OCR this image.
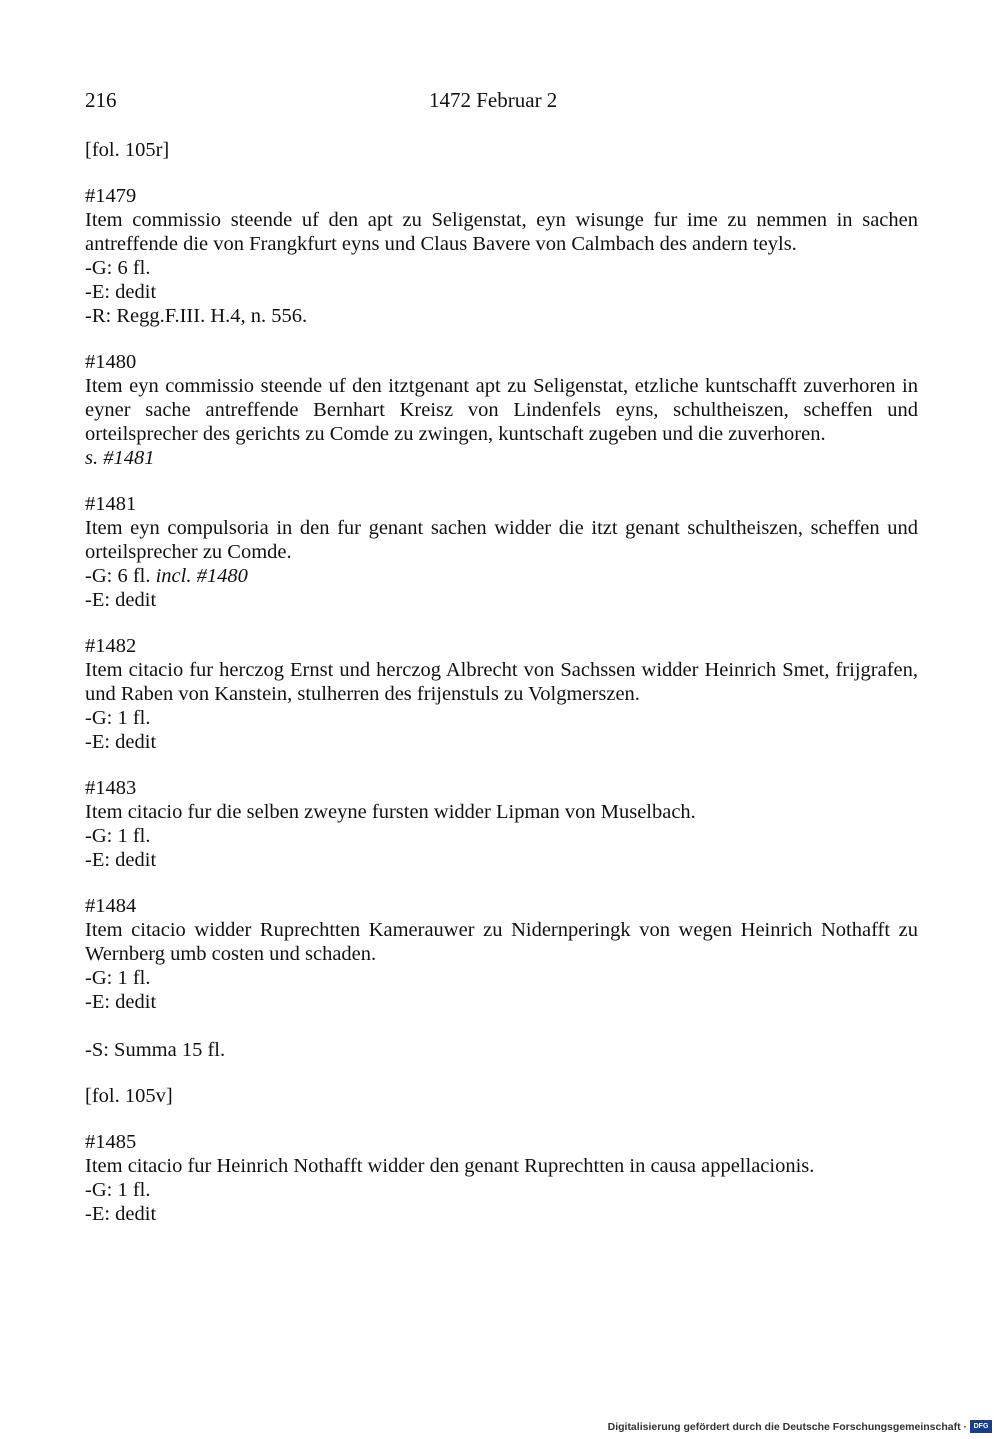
216	1472 Februar 2
[fol. 105r]
#1479
Item commissio steende uf den apt zu Seligenstat, eyn wisunge fur ime zu nemmen in sachen antreffende die von Frangkfurt eyns und Claus Bavere von Calmbach des andern teyls.
-G: 6 fl.
-E: dedit
-R: Regg.F.III. H.4, n. 556.
#1480
Item eyn commissio steende uf den itztgenant apt zu Seligenstat, etzliche kuntschafft zuverhoren in eyner sache antreffende Bernhart Kreisz von Lindenfels eyns, schultheiszen, scheffen und orteilsprecher des gerichts zu Comde zu zwingen, kuntschaft zugeben und die zuverhoren.
s. #1481
#1481
Item eyn compulsoria in den fur genant sachen widder die itzt genant schultheiszen, scheffen und orteilsprecher zu Comde.
-G: 6 fl. incl. #1480
-E: dedit
#1482
Item citacio fur herczog Ernst und herczog Albrecht von Sachssen widder Heinrich Smet, frijgrafen, und Raben von Kanstein, stulherren des frijenstuls zu Volgmerszen.
-G: 1 fl.
-E: dedit
#1483
Item citacio fur die selben zweyne fursten widder Lipman von Muselbach.
-G: 1 fl.
-E: dedit
#1484
Item citacio widder Ruprechtten Kamerauwer zu Nidernperingk von wegen Heinrich Nothafft zu Wernberg umb costen und schaden.
-G: 1 fl.
-E: dedit
-S: Summa 15 fl.
[fol. 105v]
#1485
Item citacio fur Heinrich Nothafft widder den genant Ruprechtten in causa appellacionis.
-G: 1 fl.
-E: dedit
Digitalisierung gefördert durch die Deutsche Forschungsgemeinschaft · DFG
